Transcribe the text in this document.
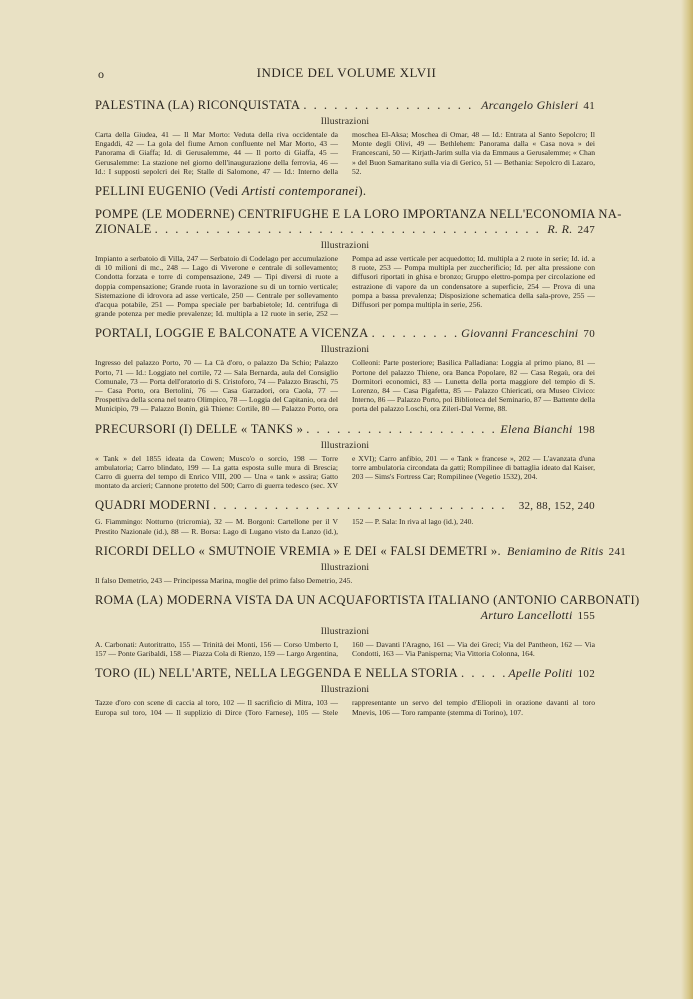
o	INDICE DEL VOLUME XLVII
PALESTINA (LA) RICONQUISTATA . . .	Arcangelo Ghisleri 41
Illustrazioni
Carta della Giudea, 41 — Il Mar Morto: Veduta della riva occidentale da Engaddi, 42 — La gola del fiume Arnon confluente nel Mar Morto, 43 — Panorama di Giaffa; Id. di Gerusalemme, 44 — Il porto di Giaffa, 45 — Gerusalemme: La stazione nel giorno dell'inaugurazione della ferrovia, 46 — Id.: I supposti sepolcri dei Re; Stalle di Salomone, 47 — Id.: Interno della moschea El-Aksa; Moschea di Omar, 48 — Id.: Entrata al Santo Sepolcro; Il Monte degli Olivi, 49 — Bethlehem: Panorama dalla « Casa nova » dei Francescani, 50 — Kirjath-Jarim sulla via da Emmaus a Gerusalemme; « Chan » del Buon Samaritano sulla via di Gerico, 51 — Bethania: Sepolcro di Lazaro, 52.
PELLINI EUGENIO (Vedi Artisti contemporanei).
POMPE (LE MODERNE) CENTRIFUGHE E LA LORO IMPORTANZA NELL'ECONOMIA NA-
ZIONALE . . .	R. R. 247
Illustrazioni
Impianto a serbatoio di Villa, 247 — Serbatoio di Codelago per accumulazione di 10 milioni di mc., 248 — Lago di Viverone e centrale di sollevamento; Condotta forzata e torre di compensazione, 249 — Tipi diversi di ruote a doppia compensazione; Grande ruota in lavorazione su di un tornio verticale; Sistemazione di idrovora ad asse verticale, 250 — Centrale per sollevamento d'acqua potabile, 251 — Pompa speciale per barbabietole; Id. centrifuga di grande potenza per medie prevalenze; Id. multipla a 12 ruote in serie, 252 — Pompa ad asse verticale per acquedotto; Id. multipla a 2 ruote in serie; Id. id. a 8 ruote, 253 — Pompa multipla per zuccherificio; Id. per alta pressione con diffusori riportati in ghisa e bronzo; Gruppo elettro-pompa per circolazione ed estrazione di vapore da un condensatore a superficie, 254 — Prova di una pompa a bassa prevalenza; Disposizione schematica della sala-prove, 255 — Diffusori per pompa multipla in serie, 256.
PORTALI, LOGGIE E BALCONATE A VICENZA . . .	Giovanni Franceschini 70
Illustrazioni
Ingresso del palazzo Porto, 70 — La Cà d'oro, o palazzo Da Schio; Palazzo Porto, 71 — Id.: Loggiato nel cortile, 72 — Sala Bernarda, aula del Consiglio Comunale, 73 — Porta dell'oratorio di S. Cristoforo, 74 — Palazzo Braschi, 75 — Casa Porto, ora Bertolini, 76 — Casa Garzadori, ora Caola, 77 — Prospettiva della scena nel teatro Olimpico, 78 — Loggia del Capitanio, ora del Municipio, 79 — Palazzo Bonin, già Thiene: Cortile, 80 — Palazzo Porto, ora Colleoni: Parte posteriore; Basilica Palladiana: Loggia al primo piano, 81 — Portone del palazzo Thiene, ora Banca Popolare, 82 — Casa Regaù, ora dei Dormitori economici, 83 — Lunetta della porta maggiore del tempio di S. Lorenzo, 84 — Casa Pigafetta, 85 — Palazzo Chiericati, ora Museo Civico: Interno, 86 — Palazzo Porto, poi Biblioteca del Seminario, 87 — Battente della porta del palazzo Loschi, ora Zileri-Dal Verme, 88.
PRECURSORI (I) DELLE « TANKS » . . .	Elena Bianchi 198
Illustrazioni
« Tank » del 1855 ideata da Cowen; Musco'o o sorcio, 198 — Torre ambulatoria; Carro blindato, 199 — La gatta esposta sulle mura di Brescia; Carro di guerra del tempo di Enrico VIII, 200 — Una « tank » assira; Gatto montato da arcieri; Cannone protetto del 500; Carro di guerra tedesco (sec. XV e XVI); Carro anfibio, 201 — « Tank » francese », 202 — L'avanzata d'una torre ambulatoria circondata da gatti; Rompilinee di battaglia ideato dal Kaiser, 203 — Sims's Fortress Car; Rompilinee (Vegetio 1532), 204.
QUADRI MODERNI . . .	32, 88, 152, 240
G. Fiammingo: Notturno (tricromia), 32 — M. Borgoni: Cartellone per il V Prestito Nazionale (id.), 88 — R. Borsa: Lago di Lugano visto da Lanzo (id.), 152 — P. Sala: In riva al lago (id.), 240.
RICORDI DELLO « SMUTNOIE VREMIA » E DEI « FALSI DEMETRI ». Beniamino de Ritis 241
Illustrazioni
Il falso Demetrio, 243 — Principessa Marina, moglie del primo falso Demetrio, 245.
ROMA (LA) MODERNA VISTA DA UN ACQUAFORTISTA ITALIANO (ANTONIO CARBONATI)
Arturo Lancellotti 155
Illustrazioni
A. Carbonati: Autoritratto, 155 — Trinità dei Monti, 156 — Corso Umberto I, 157 — Ponte Garibaldi, 158 — Piazza Cola di Rienzo, 159 — Largo Argentina, 160 — Davanti l'Aragno, 161 — Via dei Greci; Via del Pantheon, 162 — Via Condotti, 163 — Via Panisperna; Via Vittoria Colonna, 164.
TORO (IL) NELL'ARTE, NELLA LEGGENDA E NELLA STORIA . . .	Apelle Politi 102
Illustrazioni
Tazze d'oro con scene di caccia al toro, 102 — Il sacrificio di Mitra, 103 — Europa sul toro, 104 — Il supplizio di Dirce (Toro Farnese), 105 — Stele rappresentante un servo del tempio d'Eliopoli in orazione davanti al toro Mnevis, 106 — Toro rampante (stemma di Torino), 107.
